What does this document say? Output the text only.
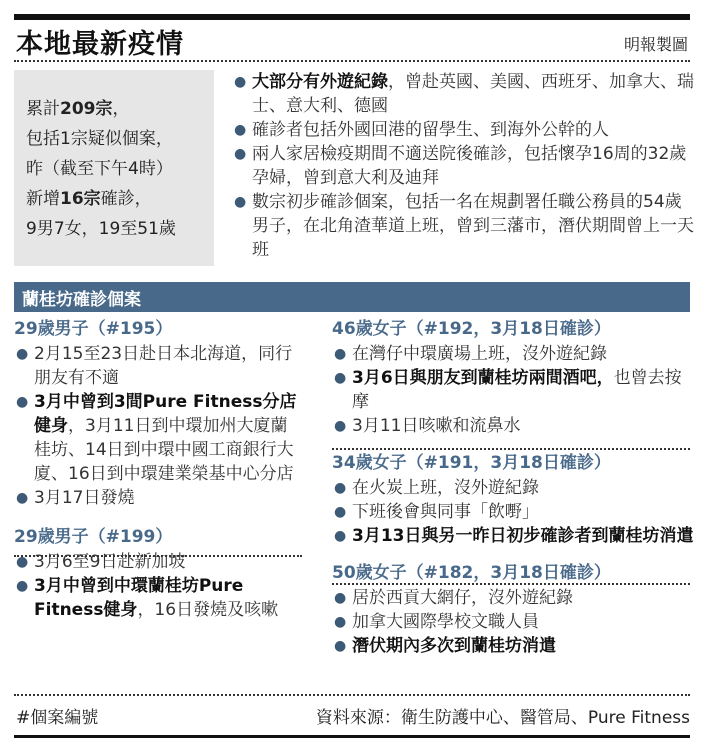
本地最新疫情	明報製圖
累計209宗，
包括1宗疑似個案，
昨（截至下午4時）
新增16宗確診，
9男7女，19至51歲
● 大部分有外遊紀錄，曾赴英國、美國、西班牙、加拿大、瑞士、意大利、德國
● 確診者包括外國回港的留學生、到海外公幹的人
● 兩人家居檢疫期間不適送院後確診，包括懷孕16周的32歲孕婦，曾到意大利及迪拜
● 數宗初步確診個案，包括一名在規劃署任職公務員的54歲男子，在北角渣華道上班，曾到三藩市，潛伏期間曾上一天班
蘭桂坊確診個案
29歲男子（#195）
● 2月15至23日赴日本北海道，同行朋友有不適
● 3月中曾到3間Pure Fitness分店健身，3月11日到中環加州大廈蘭桂坊、14日到中環中國工商銀行大廈、16日到中環建業榮基中心分店
● 3月17日發燒
29歲男子（#199）
● 3月6至9日赴新加坡
● 3月中曾到中環蘭桂坊Pure Fitness健身，16日發燒及咳嗽
46歲女子（#192，3月18日確診）
● 在灣仔中環廣場上班，沒外遊紀錄
● 3月6日與朋友到蘭桂坊兩間酒吧，也曾去按摩
● 3月11日咳嗽和流鼻水
34歲女子（#191，3月18日確診）
● 在火炭上班，沒外遊紀錄
● 下班後會與同事「飲嘢」
● 3月13日與另一昨日初步確診者到蘭桂坊消遣
50歲女子（#182，3月18日確診）
● 居於西貢大網仔，沒外遊紀錄
● 加拿大國際學校文職人員
● 潛伏期內多次到蘭桂坊消遣
#個案編號	資料來源：衛生防護中心、醫管局、Pure Fitness
